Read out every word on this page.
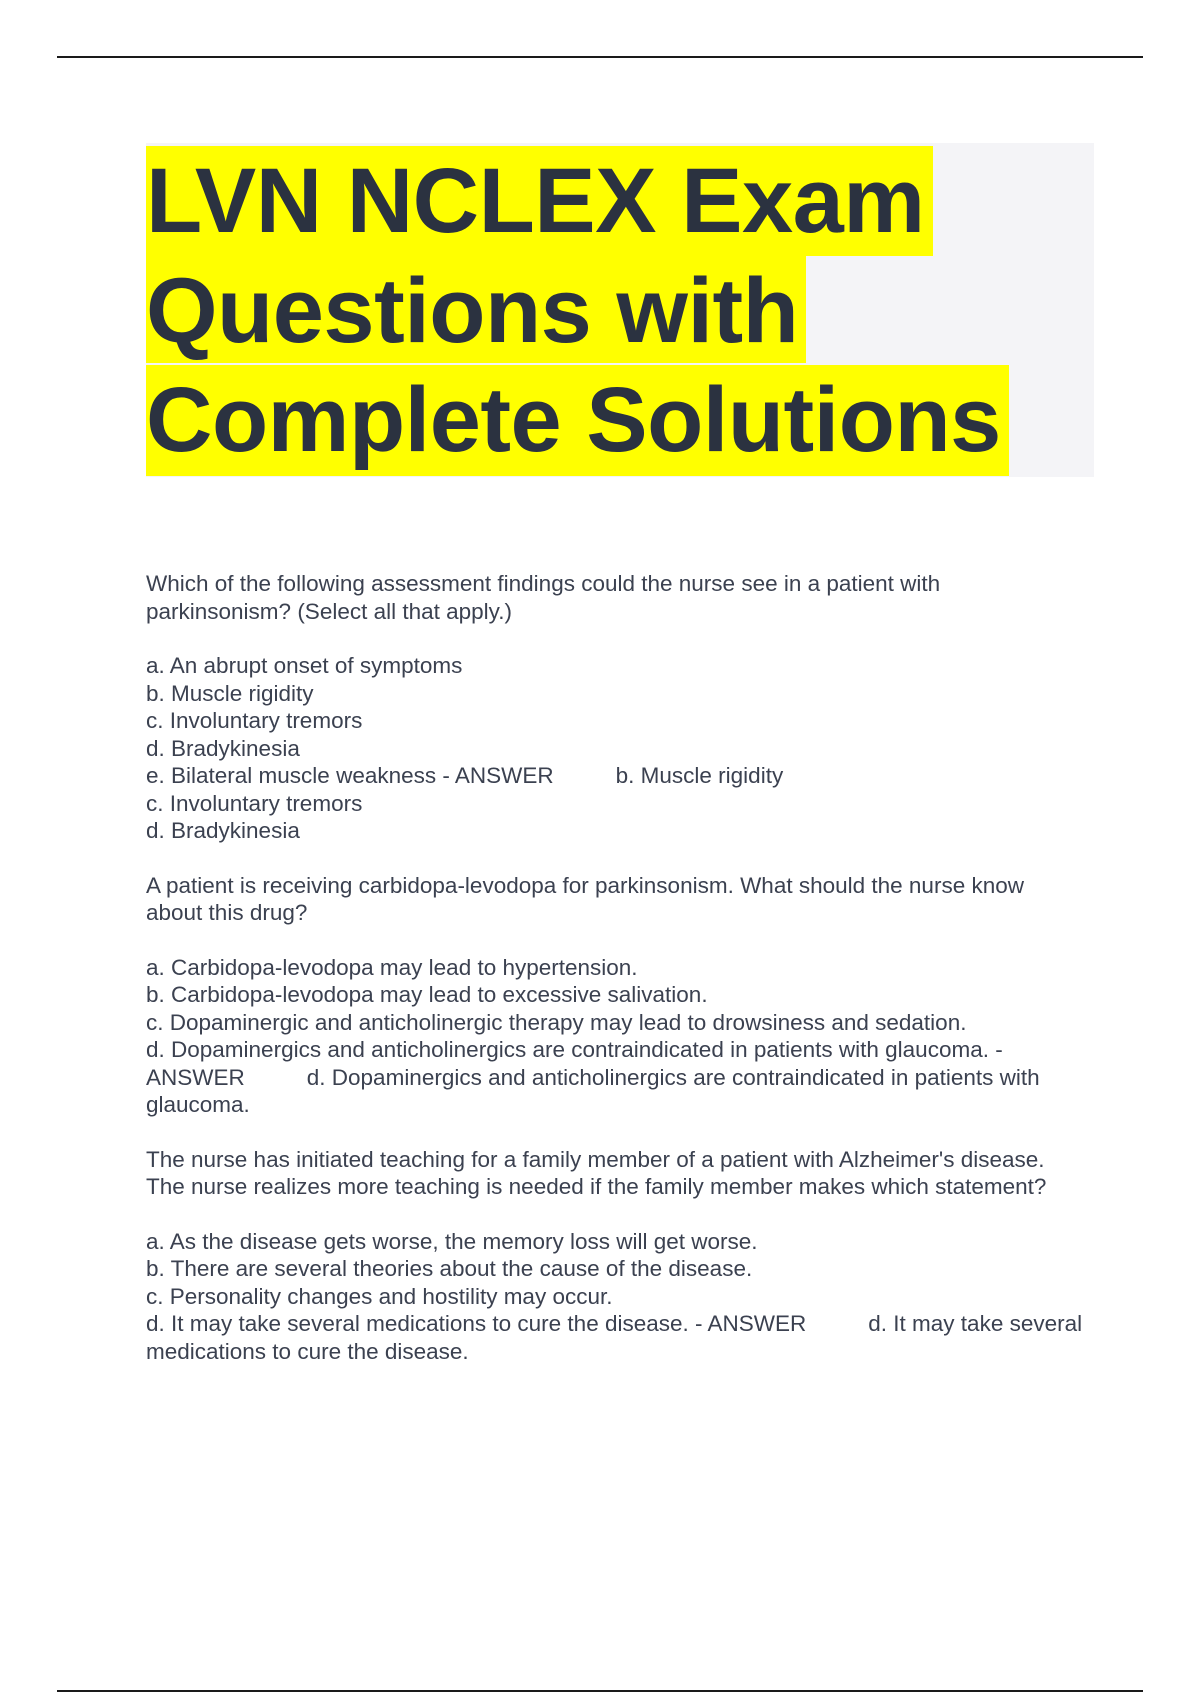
LVN NCLEX Exam
Questions with
Complete Solutions

Which of the following assessment findings could the nurse see in a patient with parkinsonism? (Select all that apply.)

a. An abrupt onset of symptoms
b. Muscle rigidity
c. Involuntary tremors
d. Bradykinesia
e. Bilateral muscle weakness - ANSWER	b. Muscle rigidity
c. Involuntary tremors
d. Bradykinesia

A patient is receiving carbidopa-levodopa for parkinsonism. What should the nurse know about this drug?

a. Carbidopa-levodopa may lead to hypertension.
b. Carbidopa-levodopa may lead to excessive salivation.
c. Dopaminergic and anticholinergic therapy may lead to drowsiness and sedation.
d. Dopaminergics and anticholinergics are contraindicated in patients with glaucoma. - ANSWER	d. Dopaminergics and anticholinergics are contraindicated in patients with glaucoma.

The nurse has initiated teaching for a family member of a patient with Alzheimer's disease. The nurse realizes more teaching is needed if the family member makes which statement?

a. As the disease gets worse, the memory loss will get worse.
b. There are several theories about the cause of the disease.
c. Personality changes and hostility may occur.
d. It may take several medications to cure the disease. - ANSWER	d. It may take several medications to cure the disease.
